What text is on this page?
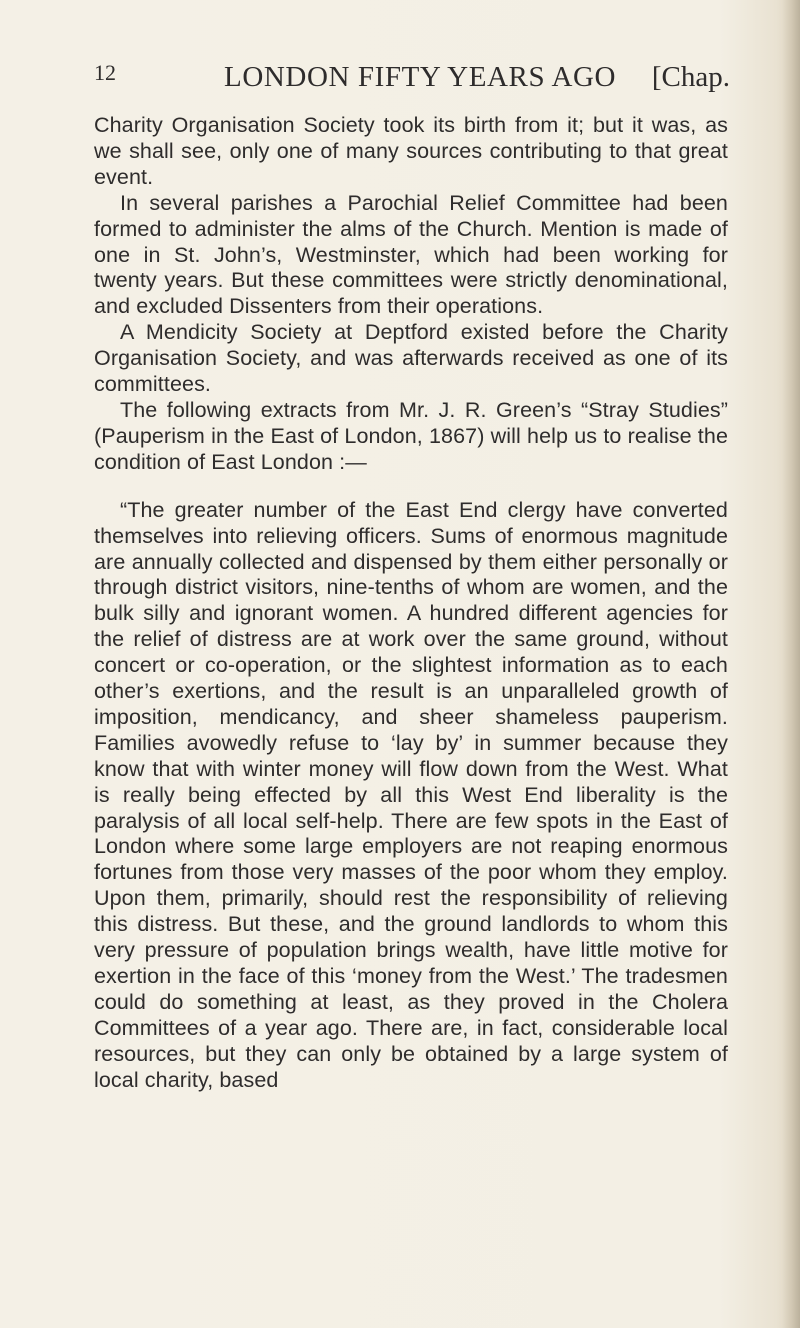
12	LONDON FIFTY YEARS AGO [Chap.

Charity Organisation Society took its birth from it; but it was, as we shall see, only one of many sources contributing to that great event.

In several parishes a Parochial Relief Committee had been formed to administer the alms of the Church. Mention is made of one in St. John’s, Westminster, which had been working for twenty years. But these committees were strictly denominational, and excluded Dissenters from their operations.

A Mendicity Society at Deptford existed before the Charity Organisation Society, and was afterwards received as one of its committees.

The following extracts from Mr. J. R. Green’s “Stray Studies” (Pauperism in the East of London, 1867) will help us to realise the condition of East London :—

“The greater number of the East End clergy have converted themselves into relieving officers. Sums of enormous magnitude are annually collected and dispensed by them either personally or through district visitors, nine-tenths of whom are women, and the bulk silly and ignorant women. A hundred different agencies for the relief of distress are at work over the same ground, without concert or co-operation, or the slightest information as to each other’s exertions, and the result is an unparalleled growth of imposition, mendicancy, and sheer shameless pauperism. Families avowedly refuse to ‘lay by’ in summer because they know that with winter money will flow down from the West. What is really being effected by all this West End liberality is the paralysis of all local self-help. There are few spots in the East of London where some large employers are not reaping enormous fortunes from those very masses of the poor whom they employ. Upon them, primarily, should rest the responsibility of relieving this distress. But these, and the ground landlords to whom this very pressure of population brings wealth, have little motive for exertion in the face of this ‘money from the West.’ The tradesmen could do something at least, as they proved in the Cholera Committees of a year ago. There are, in fact, considerable local resources, but they can only be obtained by a large system of local charity, based
